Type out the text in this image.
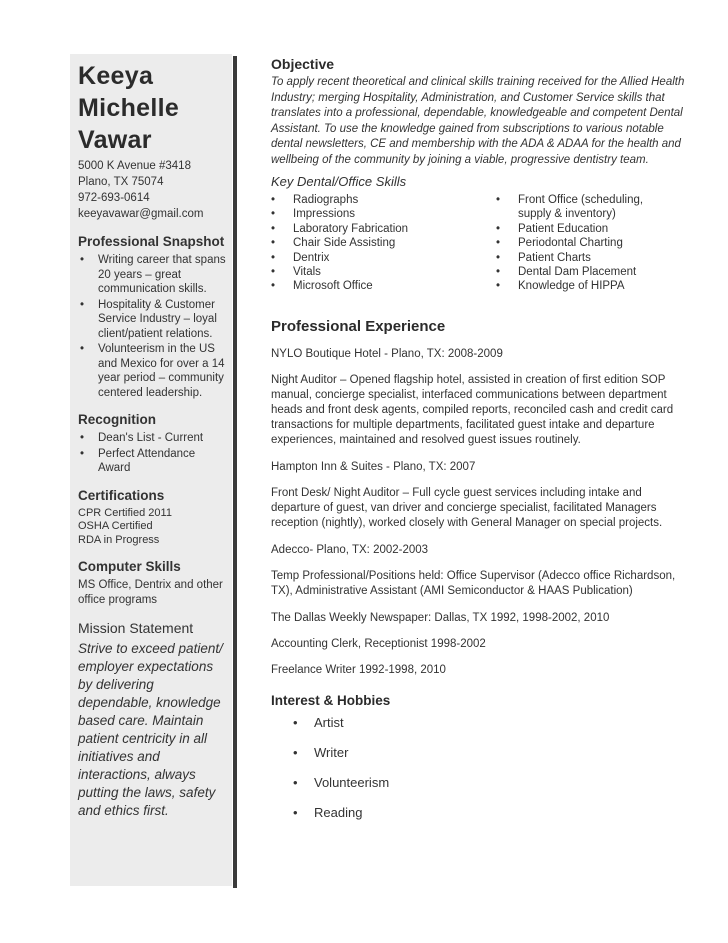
Keeya
Michelle
Vawar
5000 K Avenue #3418
Plano, TX 75074
972-693-0614
keeyavawar@gmail.com
Professional Snapshot
• Writing career that spans 20 years – great communication skills.
• Hospitality & Customer Service Industry – loyal client/patient relations.
• Volunteerism in the US and Mexico for over a 14 year period – community centered leadership.
Recognition
• Dean's List - Current
• Perfect Attendance Award
Certifications
CPR Certified 2011
OSHA Certified
RDA in Progress
Computer Skills
MS Office, Dentrix and other office programs
Mission Statement
Strive to exceed patient/ employer expectations by delivering dependable, knowledge based care. Maintain patient centricity in all initiatives and interactions, always putting the laws, safety and ethics first.
Objective
To apply recent theoretical and clinical skills training received for the Allied Health Industry; merging Hospitality, Administration, and Customer Service skills that translates into a professional, dependable, knowledgeable and competent Dental Assistant. To use the knowledge gained from subscriptions to various notable dental newsletters, CE and membership with the ADA & ADAA for the health and wellbeing of the community by joining a viable, progressive dentistry team.
Key Dental/Office Skills
• Radiographs
• Impressions
• Laboratory Fabrication
• Chair Side Assisting
• Dentrix
• Vitals
• Microsoft Office
• Front Office (scheduling, supply & inventory)
• Patient Education
• Periodontal Charting
• Patient Charts
• Dental Dam Placement
• Knowledge of HIPPA
Professional Experience
NYLO Boutique Hotel - Plano, TX: 2008-2009
Night Auditor – Opened flagship hotel, assisted in creation of first edition SOP manual, concierge specialist, interfaced communications between department heads and front desk agents, compiled reports, reconciled cash and credit card transactions for multiple departments, facilitated guest intake and departure experiences, maintained and resolved guest issues routinely.
Hampton Inn & Suites - Plano, TX: 2007
Front Desk/ Night Auditor – Full cycle guest services including intake and departure of guest, van driver and concierge specialist, facilitated Managers reception (nightly), worked closely with General Manager on special projects.
Adecco- Plano, TX: 2002-2003
Temp Professional/Positions held: Office Supervisor (Adecco office Richardson, TX), Administrative Assistant (AMI Semiconductor & HAAS Publication)
The Dallas Weekly Newspaper: Dallas, TX 1992, 1998-2002, 2010
Accounting Clerk, Receptionist 1998-2002
Freelance Writer 1992-1998, 2010
Interest & Hobbies
• Artist
• Writer
• Volunteerism
• Reading
